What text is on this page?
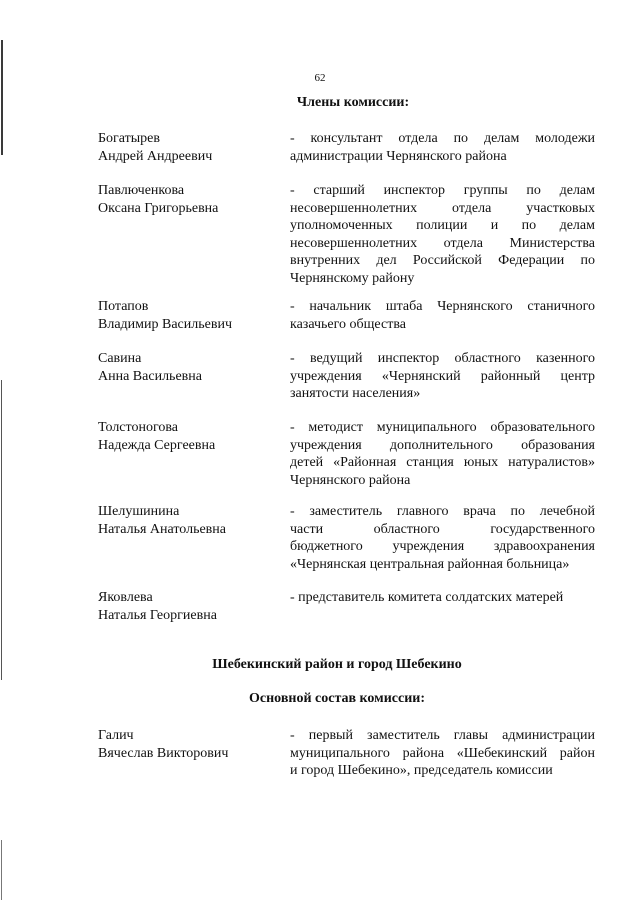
62
Члены комиссии:
Богатырев
Андрей Андреевич
- консультант отдела по делам молодежи
администрации Чернянского района
Павлюченкова
Оксана Григорьевна
- старший инспектор группы по делам
несовершеннолетних отдела участковых
уполномоченных полиции и по делам
несовершеннолетних отдела Министерства
внутренних дел Российской Федерации по
Чернянскому району
Потапов
Владимир Васильевич
- начальник штаба Чернянского станичного
казачьего общества
Савина
Анна Васильевна
- ведущий инспектор областного казенного
учреждения «Чернянский районный центр
занятости населения»
Толстоногова
Надежда Сергеевна
- методист муниципального образовательного
учреждения дополнительного образования
детей «Районная станция юных натуралистов»
Чернянского района
Шелушинина
Наталья Анатольевна
- заместитель главного врача по лечебной
части областного государственного
бюджетного учреждения здравоохранения
«Чернянская центральная районная больница»
Яковлева
Наталья Георгиевна
- представитель комитета солдатских матерей
Шебекинский район и город Шебекино
Основной состав комиссии:
Галич
Вячеслав Викторович
- первый заместитель главы администрации
муниципального района «Шебекинский район
и город Шебекино», председатель комиссии
